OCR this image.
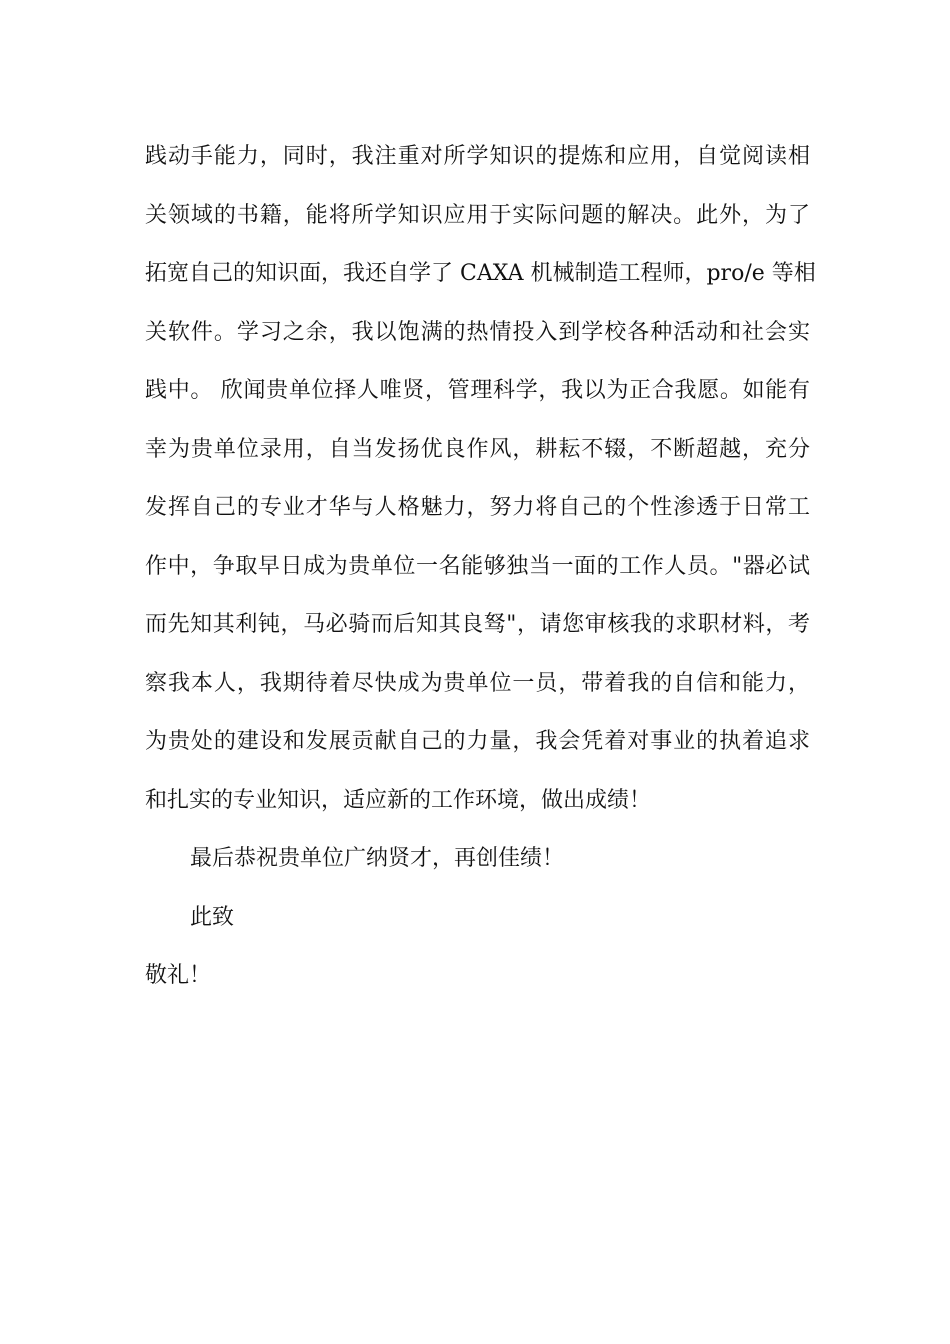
践动手能力，同时，我注重对所学知识的提炼和应用，自觉阅读相
关领域的书籍，能将所学知识应用于实际问题的解决。此外，为了
拓宽自己的知识面，我还自学了 CAXA 机械制造工程师，pro/e 等相
关软件。学习之余，我以饱满的热情投入到学校各种活动和社会实
践中。 欣闻贵单位择人唯贤，管理科学，我以为正合我愿。如能有
幸为贵单位录用，自当发扬优良作风，耕耘不辍，不断超越，充分
发挥自己的专业才华与人格魅力，努力将自己的个性渗透于日常工
作中，争取早日成为贵单位一名能够独当一面的工作人员。"器必试
而先知其利钝，马必骑而后知其良驽"，请您审核我的求职材料，考
察我本人，我期待着尽快成为贵单位一员，带着我的自信和能力，
为贵处的建设和发展贡献自己的力量，我会凭着对事业的执着追求
和扎实的专业知识，适应新的工作环境，做出成绩！
最后恭祝贵单位广纳贤才，再创佳绩！
此致
敬礼！
